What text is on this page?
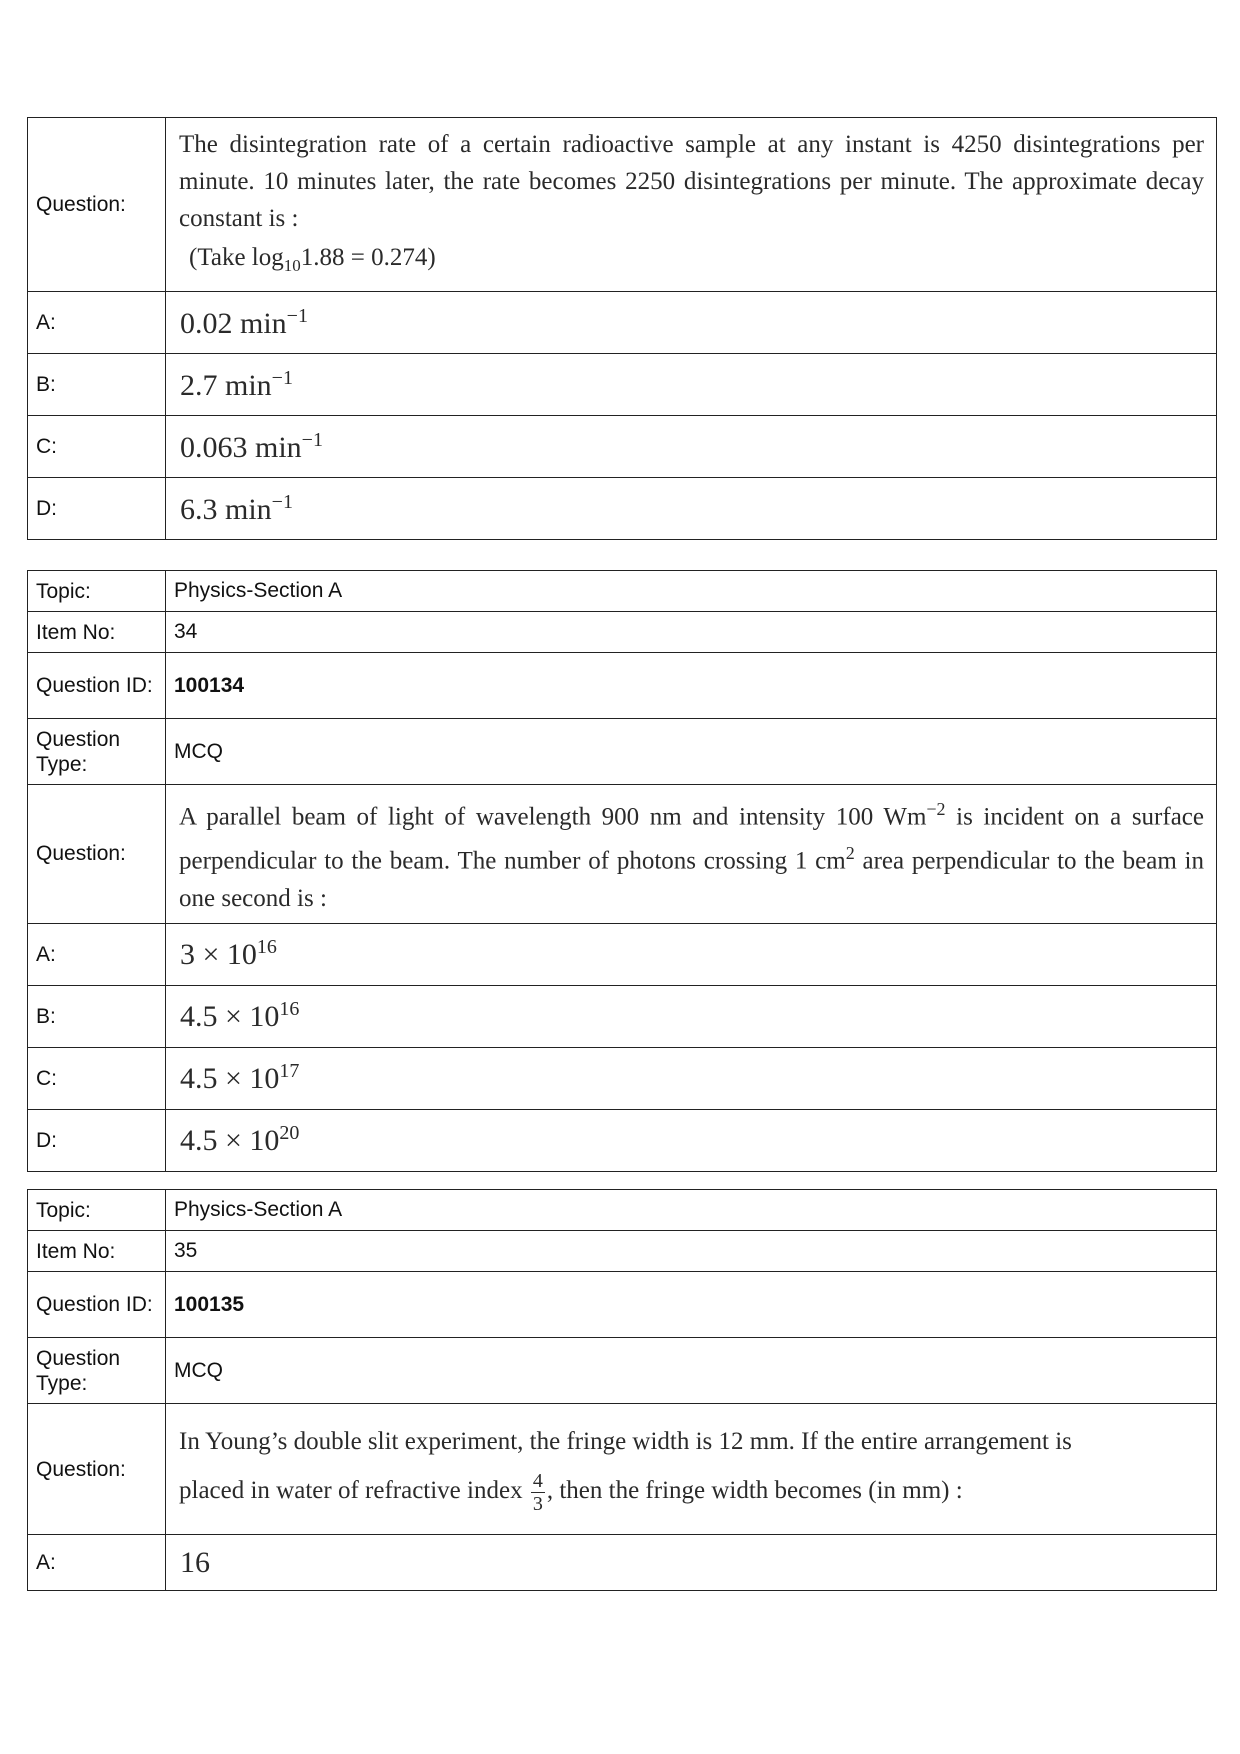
Question:	The disintegration rate of a certain radioactive sample at any instant is 4250 disintegrations per minute. 10 minutes later, the rate becomes 2250 disintegrations per minute. The approximate decay constant is :
(Take $\log_{10}1.88 = 0.274$)

A:	0.02 $\min^{-1}$
B:	2.7 $\min^{-1}$
C:	0.063 $\min^{-1}$
D:	6.3 $\min^{-1}$
Topic:	Physics-Section A
Item No:	34
Question ID:	100134
Question Type:	MCQ
Question:	A parallel beam of light of wavelength 900 nm and intensity 100 $Wm^{-2}$ is incident on a surface perpendicular to the beam. The number of photons crossing 1 $cm^2$ area perpendicular to the beam in one second is :
A:	$3 \times 10^{16}$
B:	$4.5 \times 10^{16}$
C:	$4.5 \times 10^{17}$
D:	$4.5 \times 10^{20}$
Topic:	Physics-Section A
Item No:	35
Question ID:	100135
Question Type:	MCQ
Question:	In Young’s double slit experiment, the fringe width is 12 mm. If the entire arrangement is
placed in water of refractive index $\frac{4}{3}$ , then the fringe width becomes (in mm) :

A:	16
